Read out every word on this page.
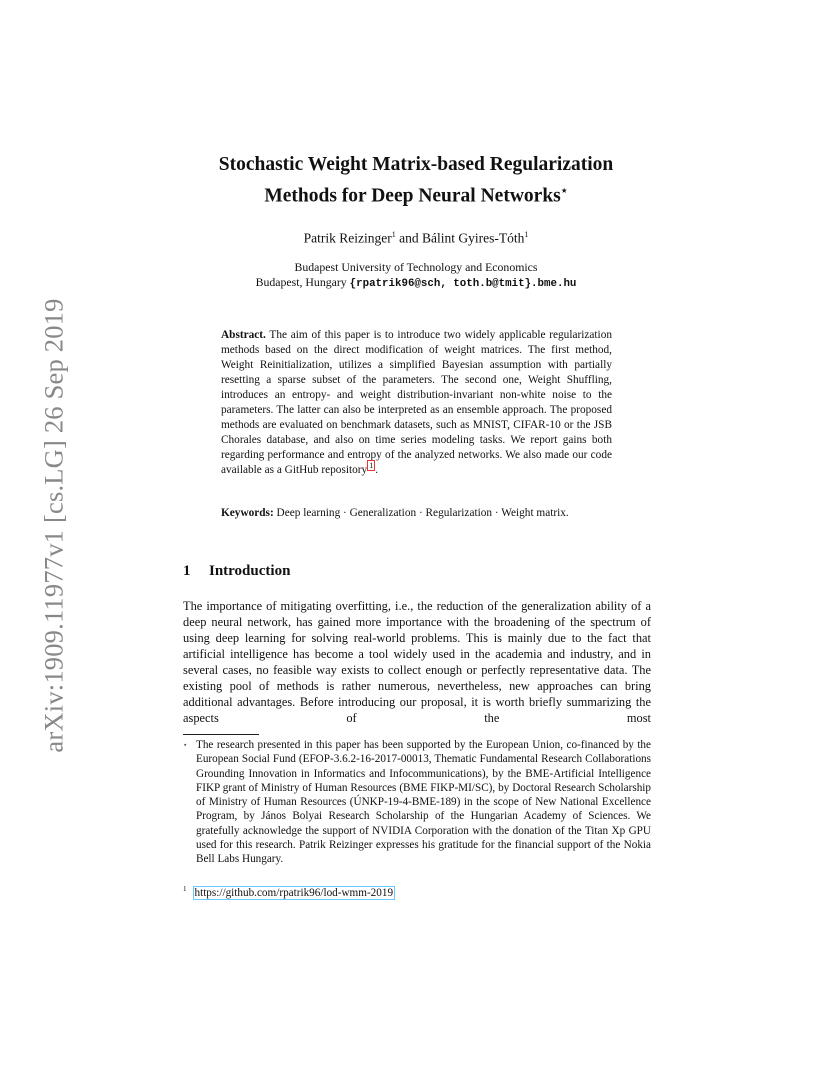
arXiv:1909.11977v1 [cs.LG] 26 Sep 2019
Stochastic Weight Matrix-based Regularization
Methods for Deep Neural Networks⋆
Patrik Reizinger$^1$ and Bálint Gyires-Tóth$^1$
Budapest University of Technology and Economics
Budapest, Hungary {rpatrik96@sch, toth.b@tmit}.bme.hu
Abstract. The aim of this paper is to introduce two widely applicable regularization methods based on the direct modification of weight matrices. The first method, Weight Reinitialization, utilizes a simplified Bayesian assumption with partially resetting a sparse subset of the parameters. The second one, Weight Shuffling, introduces an entropy- and weight distribution-invariant non-white noise to the parameters. The latter can also be interpreted as an ensemble approach. The proposed methods are evaluated on benchmark datasets, such as MNIST, CIFAR-10 or the JSB Chorales database, and also on time series modeling tasks. We report gains both regarding performance and entropy of the analyzed networks. We also made our code available as a GitHub repository $^1$ .
Keywords: Deep learning · Generalization · Regularization · Weight matrix.
1 Introduction
The importance of mitigating overfitting, i.e., the reduction of the generalization ability of a deep neural network, has gained more importance with the broadening of the spectrum of using deep learning for solving real-world problems. This is mainly due to the fact that artificial intelligence has become a tool widely used in the academia and industry, and in several cases, no feasible way exists to collect enough or perfectly representative data. The existing pool of methods is rather numerous, nevertheless, new approaches can bring additional advantages. Before introducing our proposal, it is worth briefly summarizing the aspects of the most
⋆ The research presented in this paper has been supported by the European Union, co-financed by the European Social Fund (EFOP-3.6.2-16-2017-00013, Thematic Fundamental Research Collaborations Grounding Innovation in Informatics and Infocommunications), by the BME-Artificial Intelligence FIKP grant of Ministry of Human Resources (BME FIKP-MI/SC), by Doctoral Research Scholarship of Ministry of Human Resources (ÚNKP-19-4-BME-189) in the scope of New National Excellence Program, by János Bolyai Research Scholarship of the Hungarian Academy of Sciences. We gratefully acknowledge the support of NVIDIA Corporation with the donation of the Titan Xp GPU used for this research. Patrik Reizinger expresses his gratitude for the financial support of the Nokia Bell Labs Hungary.
$^1$ https://github.com/rpatrik96/lod-wmm-2019
